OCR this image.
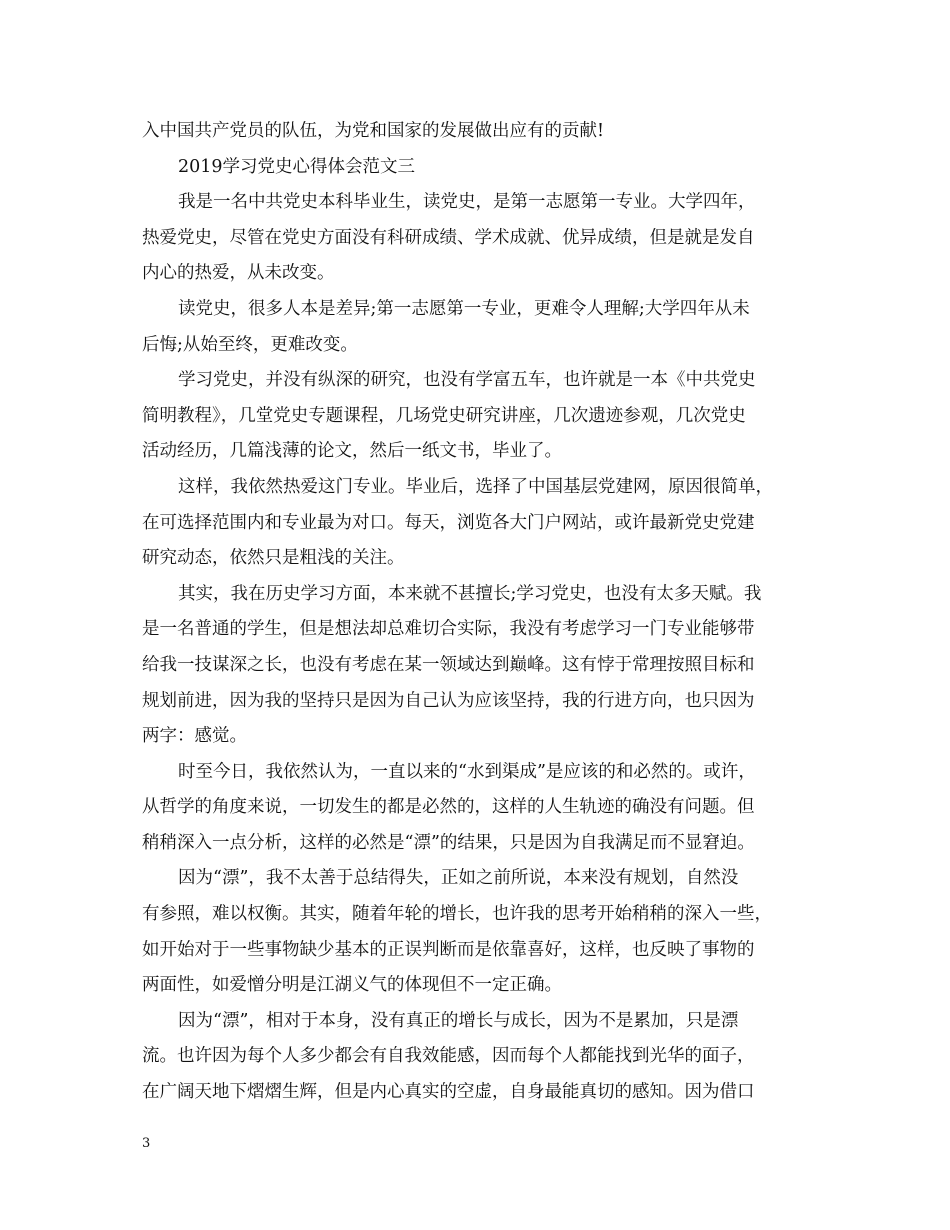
入中国共产党员的队伍，为党和国家的发展做出应有的贡献!
2019学习党史心得体会范文三
我是一名中共党史本科毕业生，读党史，是第一志愿第一专业。大学四年，
热爱党史，尽管在党史方面没有科研成绩、学术成就、优异成绩，但是就是发自
内心的热爱，从未改变。
读党史，很多人本是差异;第一志愿第一专业，更难令人理解;大学四年从未
后悔;从始至终，更难改变。
学习党史，并没有纵深的研究，也没有学富五车，也许就是一本《中共党史
简明教程》，几堂党史专题课程，几场党史研究讲座，几次遗迹参观，几次党史
活动经历，几篇浅薄的论文，然后一纸文书，毕业了。
这样，我依然热爱这门专业。毕业后，选择了中国基层党建网，原因很简单，
在可选择范围内和专业最为对口。每天，浏览各大门户网站，或许最新党史党建
研究动态，依然只是粗浅的关注。
其实，我在历史学习方面，本来就不甚擅长;学习党史，也没有太多天赋。我
是一名普通的学生，但是想法却总难切合实际，我没有考虑学习一门专业能够带
给我一技谋深之长，也没有考虑在某一领域达到巅峰。这有悖于常理按照目标和
规划前进，因为我的坚持只是因为自己认为应该坚持，我的行进方向，也只因为
两字：感觉。
时至今日，我依然认为，一直以来的“水到渠成”是应该的和必然的。或许，
从哲学的角度来说，一切发生的都是必然的，这样的人生轨迹的确没有问题。但
稍稍深入一点分析，这样的必然是“漂”的结果，只是因为自我满足而不显窘迫。
因为“漂”，我不太善于总结得失，正如之前所说，本来没有规划，自然没
有参照，难以权衡。其实，随着年轮的增长，也许我的思考开始稍稍的深入一些，
如开始对于一些事物缺少基本的正误判断而是依靠喜好，这样，也反映了事物的
两面性，如爱憎分明是江湖义气的体现但不一定正确。
因为“漂”，相对于本身，没有真正的增长与成长，因为不是累加，只是漂
流。也许因为每个人多少都会有自我效能感，因而每个人都能找到光华的面子，
在广阔天地下熠熠生辉，但是内心真实的空虚，自身最能真切的感知。因为借口
3
